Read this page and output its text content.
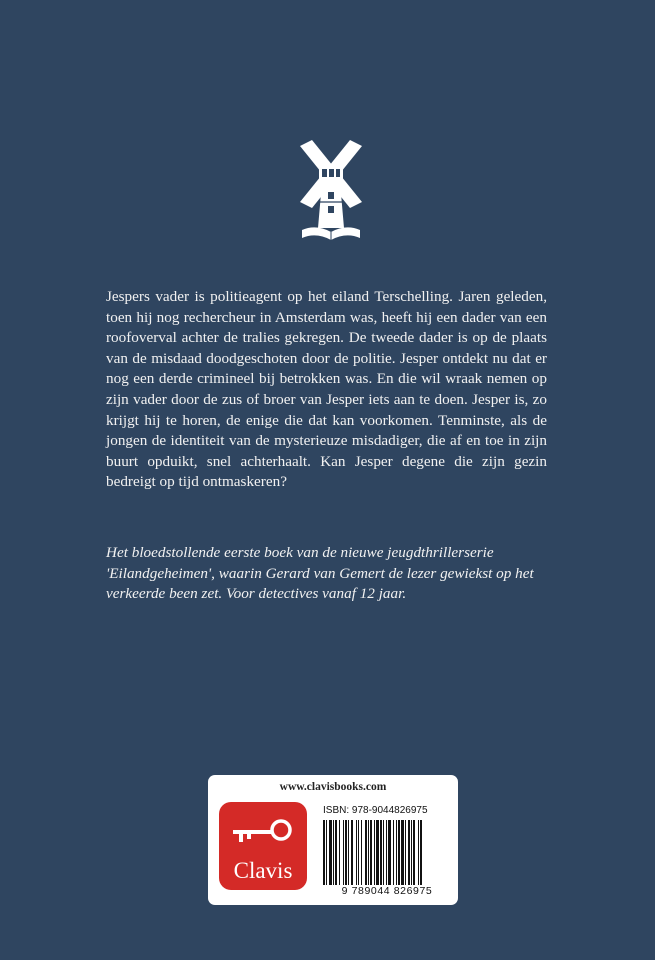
Jespers vader is politieagent op het eiland Terschelling. Jaren geleden, toen hij nog rechercheur in Amsterdam was, heeft hij een dader van een roofoverval achter de tralies gekregen. De tweede dader is op de plaats van de misdaad doodgeschoten door de politie. Jesper ontdekt nu dat er nog een derde crimineel bij betrokken was. En die wil wraak nemen op zijn vader door de zus of broer van Jesper iets aan te doen. Jesper is, zo krijgt hij te horen, de enige die dat kan voorkomen. Tenminste, als de jongen de identiteit van de mysterieuze misdadiger, die af en toe in zijn buurt opduikt, snel achterhaalt. Kan Jesper degene die zijn gezin bedreigt op tijd ontmaskeren?

Het bloedstollende eerste boek van de nieuwe jeugdthrillerserie 'Eilandgeheimen', waarin Gerard van Gemert de lezer gewiekst op het verkeerde been zet. Voor detectives vanaf 12 jaar.

www.clavisbooks.com
Clavis
ISBN: 978-9044826975
9 789044 826975
